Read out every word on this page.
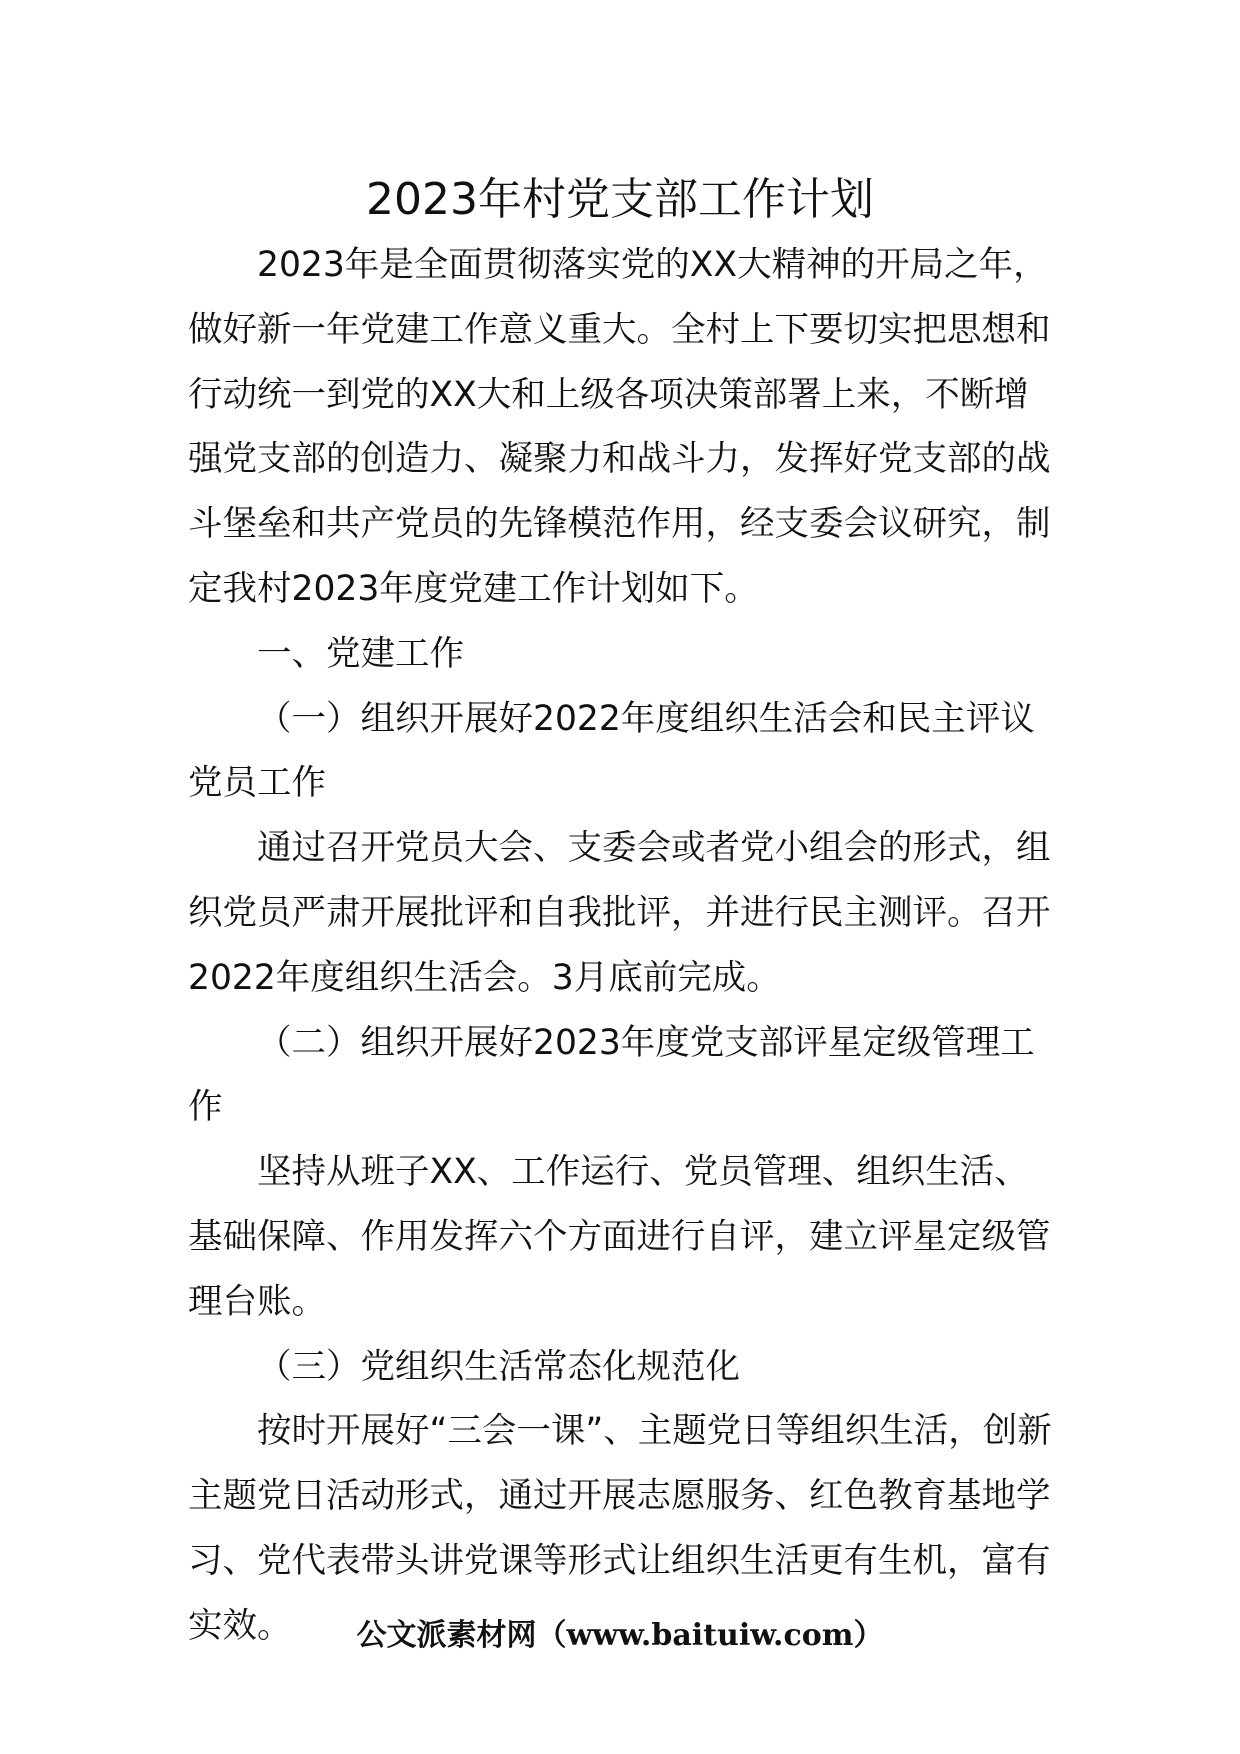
2023年村党支部工作计划

2023年是全面贯彻落实党的XX大精神的开局之年，做好新一年党建工作意义重大。全村上下要切实把思想和行动统一到党的XX大和上级各项决策部署上来，不断增强党支部的创造力、凝聚力和战斗力，发挥好党支部的战斗堡垒和共产党员的先锋模范作用，经支委会议研究，制定我村2023年度党建工作计划如下。

一、党建工作

（一）组织开展好2022年度组织生活会和民主评议党员工作

通过召开党员大会、支委会或者党小组会的形式，组织党员严肃开展批评和自我批评，并进行民主测评。召开2022年度组织生活会。3月底前完成。

（二）组织开展好2023年度党支部评星定级管理工作

坚持从班子XX、工作运行、党员管理、组织生活、基础保障、作用发挥六个方面进行自评，建立评星定级管理台账。

（三）党组织生活常态化规范化

按时开展好“三会一课”、主题党日等组织生活，创新主题党日活动形式，通过开展志愿服务、红色教育基地学习、党代表带头讲党课等形式让组织生活更有生机，富有实效。	公文派素材网（www.baituiw.com）
